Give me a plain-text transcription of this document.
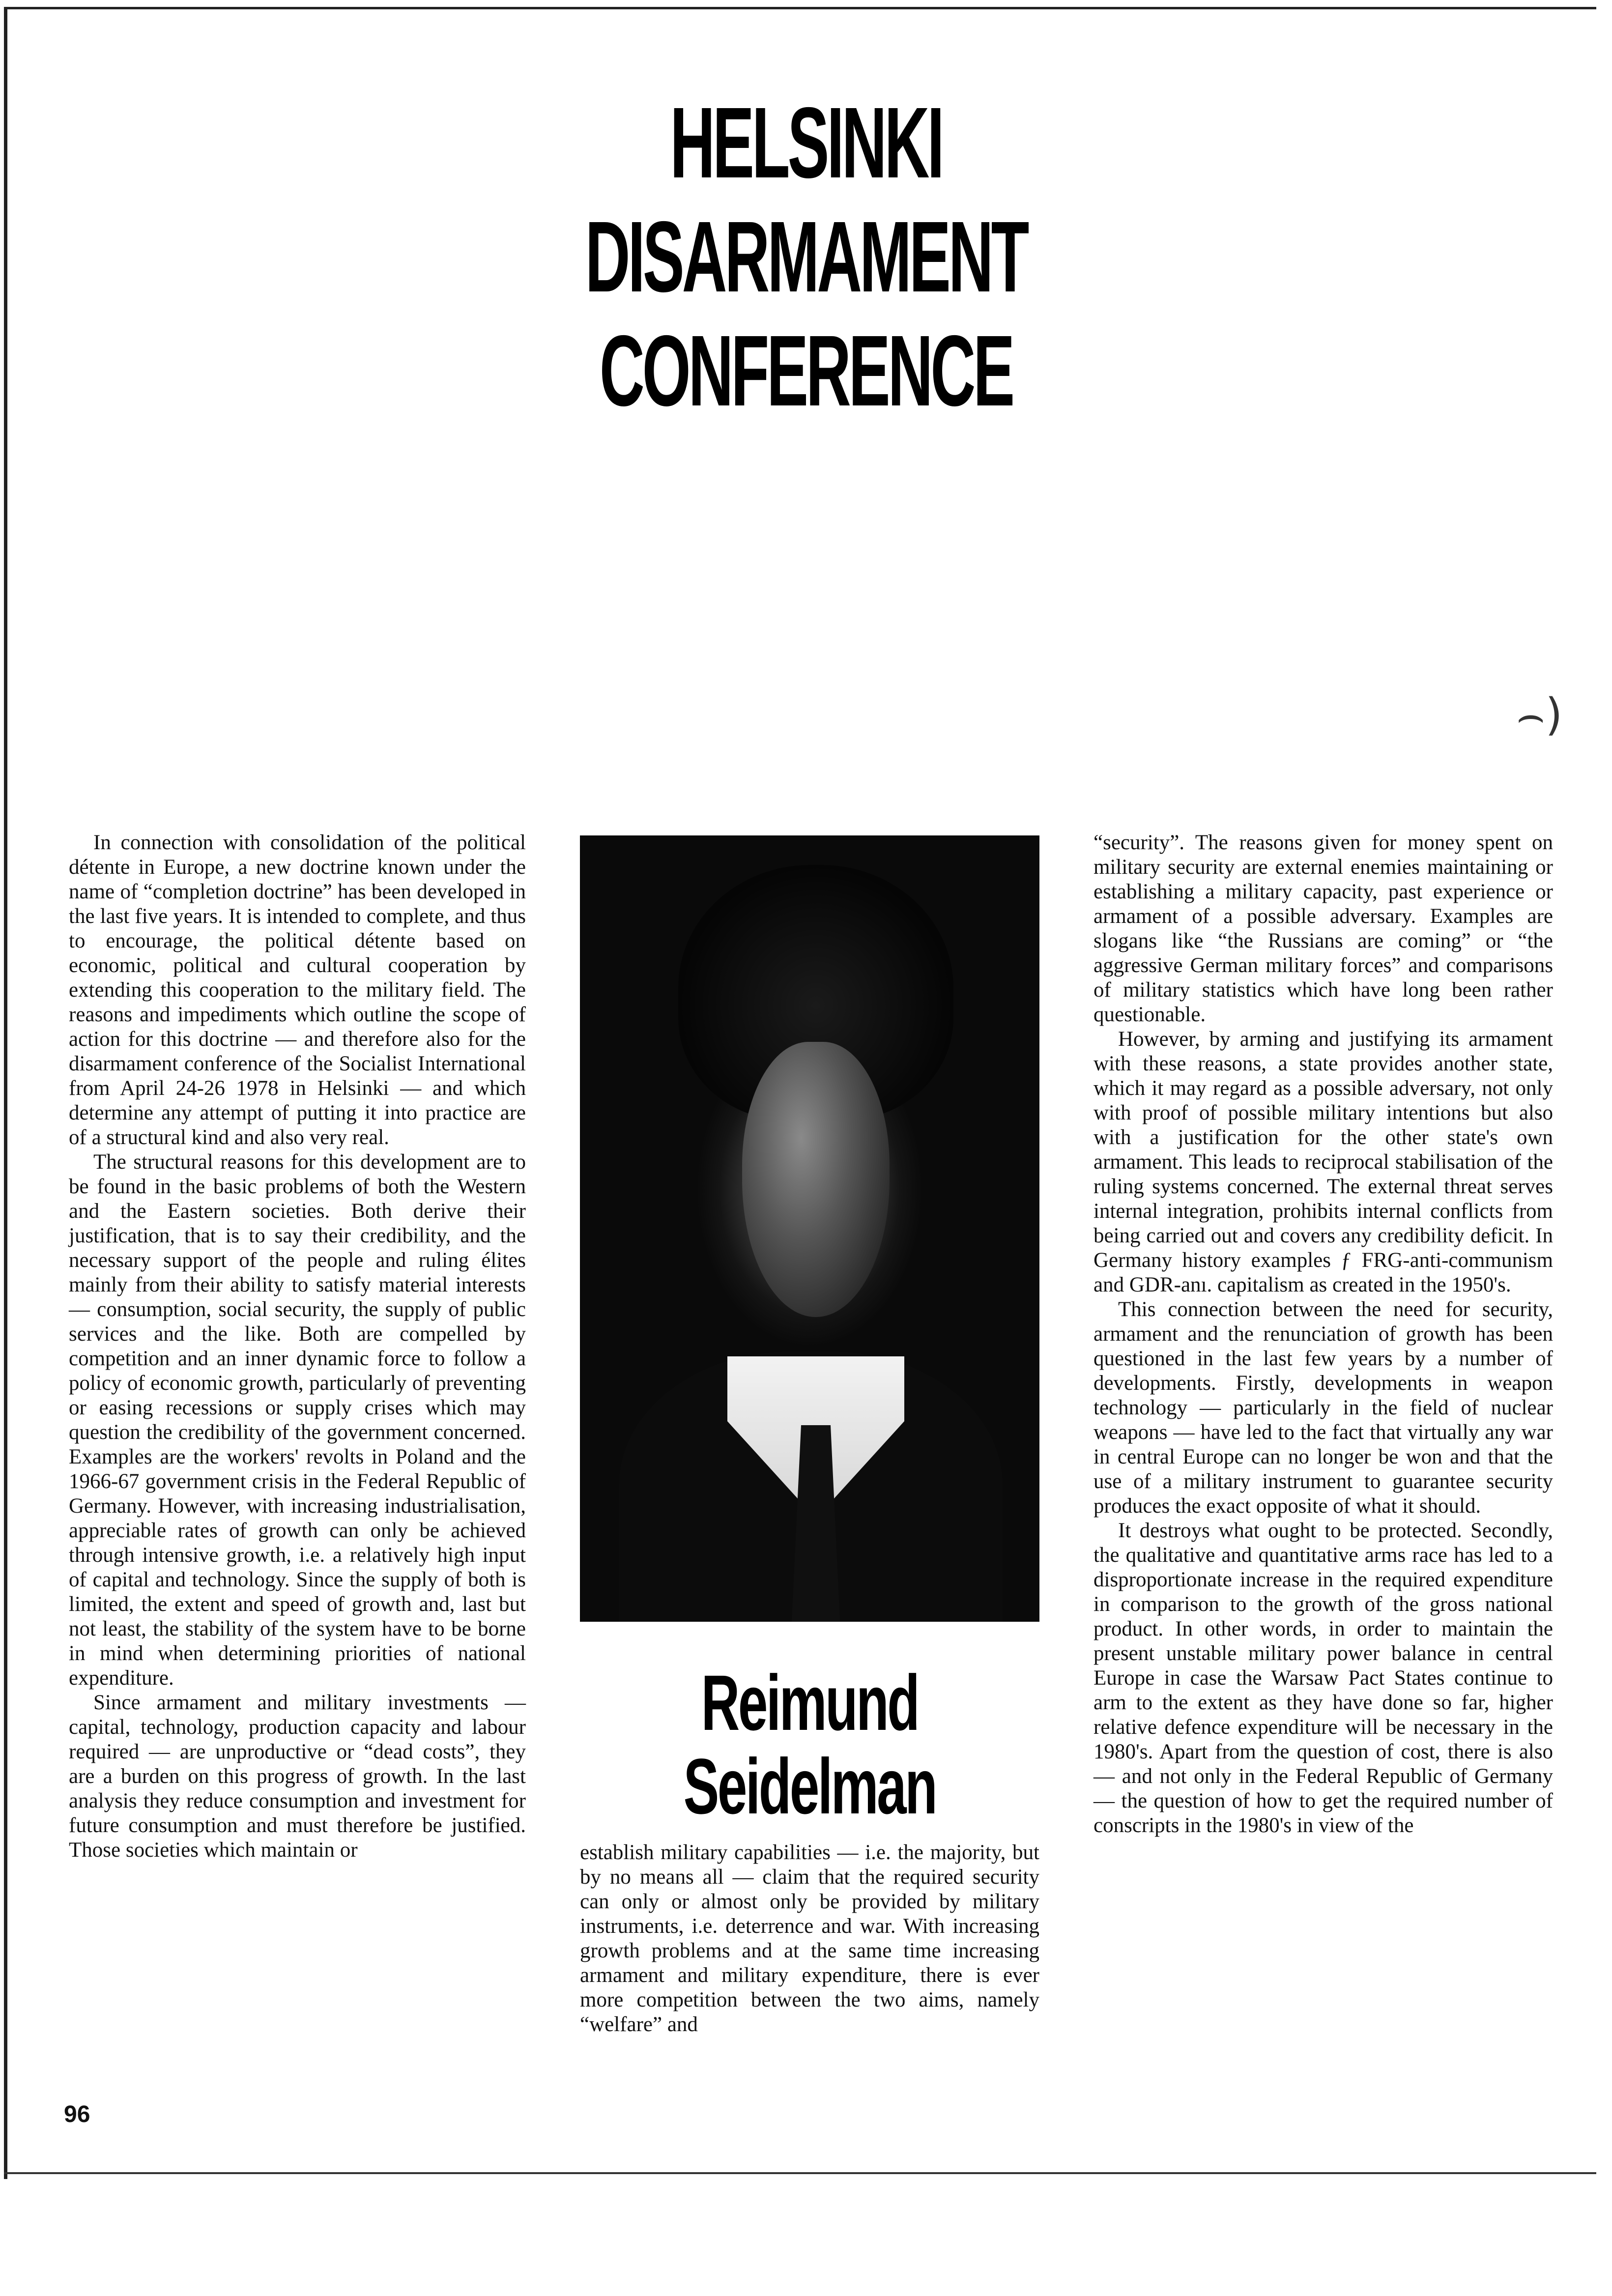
HELSINKI
DISARMAMENT
CONFERENCE
⌢)

In connection with consolidation of the political détente in Europe, a new doctrine known under the name of “completion doctrine” has been developed in the last five years. It is intended to complete, and thus to encourage, the political détente based on economic, political and cultural cooperation by extending this cooperation to the military field. The reasons and impediments which outline the scope of action for this doctrine — and therefore also for the disarmament conference of the Socialist International from April 24-26 1978 in Helsinki — and which determine any attempt of putting it into practice are of a structural kind and also very real.

The structural reasons for this development are to be found in the basic problems of both the Western and the Eastern societies. Both derive their justification, that is to say their credibility, and the necessary support of the people and ruling élites mainly from their ability to satisfy material interests — consumption, social security, the supply of public services and the like. Both are compelled by competition and an inner dynamic force to follow a policy of economic growth, particularly of preventing or easing recessions or supply crises which may question the credibility of the government concerned. Examples are the workers' revolts in Poland and the 1966-67 government crisis in the Federal Republic of Germany. However, with increasing industrialisation, appreciable rates of growth can only be achieved through intensive growth, i.e. a relatively high input of capital and technology. Since the supply of both is limited, the extent and speed of growth and, last but not least, the stability of the system have to be borne in mind when determining priorities of national expenditure.

Since armament and military investments — capital, technology, production capacity and labour required — are unproductive or “dead costs”, they are a burden on this progress of growth. In the last analysis they reduce consumption and investment for future consumption and must therefore be justified. Those societies which maintain or

Reimund
Seidelman

establish military capabilities — i.e. the majority, but by no means all — claim that the required security can only or almost only be provided by military instruments, i.e. deterrence and war. With increasing growth problems and at the same time increasing armament and military expenditure, there is ever more competition between the two aims, namely “welfare” and

“security”. The reasons given for money spent on military security are external enemies maintaining or establishing a military capacity, past experience or armament of a possible adversary. Examples are slogans like “the Russians are coming” or “the aggressive German military forces” and comparisons of military statistics which have long been rather questionable.

However, by arming and justifying its armament with these reasons, a state provides another state, which it may regard as a possible adversary, not only with proof of possible military intentions but also with a justification for the other state's own armament. This leads to reciprocal stabilisation of the ruling systems concerned. The external threat serves internal integration, prohibits internal conflicts from being carried out and covers any credibility deficit. In Germany history examples ƒ FRG-anti-communism and GDR-anı. capitalism as created in the 1950's.

This connection between the need for security, armament and the renunciation of growth has been questioned in the last few years by a number of developments. Firstly, developments in weapon technology — particularly in the field of nuclear weapons — have led to the fact that virtually any war in central Europe can no longer be won and that the use of a military instrument to guarantee security produces the exact opposite of what it should.

It destroys what ought to be protected. Secondly, the qualitative and quantitative arms race has led to a disproportionate increase in the required expenditure in comparison to the growth of the gross national product. In other words, in order to maintain the present unstable military power balance in central Europe in case the Warsaw Pact States continue to arm to the extent as they have done so far, higher relative defence expenditure will be necessary in the 1980's. Apart from the question of cost, there is also — and not only in the Federal Republic of Germany — the question of how to get the required number of conscripts in the 1980's in view of the

96
